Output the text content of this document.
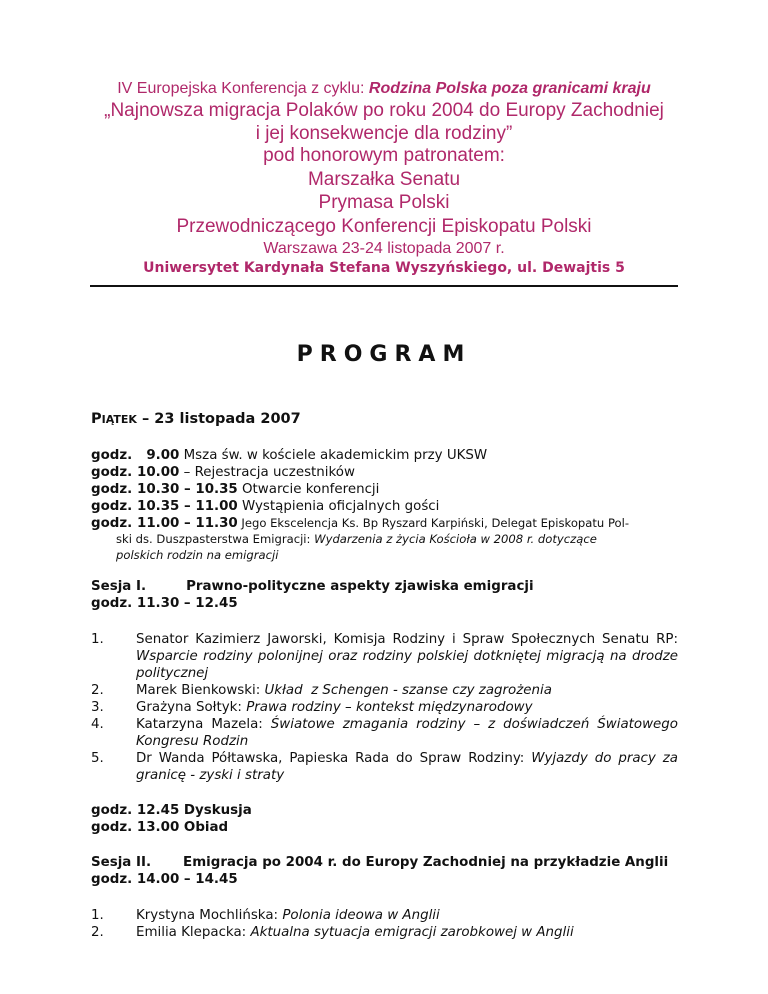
IV Europejska Konferencja z cyklu: Rodzina Polska poza granicami kraju
„Najnowsza migracja Polaków po roku 2004 do Europy Zachodniej
i jej konsekwencje dla rodziny”
pod honorowym patronatem:
Marszałka Senatu
Prymasa Polski
Przewodniczącego Konferencji Episkopatu Polski
Warszawa 23-24 listopada 2007 r.
Uniwersytet Kardynała Stefana Wyszyńskiego, ul. Dewajtis 5
PROGRAM
PIĄTEK – 23 listopada 2007
godz.  9.00 Msza św. w kościele akademickim przy UKSW
godz. 10.00 – Rejestracja uczestników
godz. 10.30 – 10.35 Otwarcie konferencji
godz. 10.35 – 11.00 Wystąpienia oficjalnych gości
godz. 11.00 – 11.30 Jego Ekscelencja Ks. Bp Ryszard Karpiński, Delegat Episkopatu Pol-
ski ds. Duszpasterstwa Emigracji: Wydarzenia z życia Kościoła w 2008 r. dotyczące
polskich rodzin na emigracji
Sesja I.	Prawno-polityczne aspekty zjawiska emigracji
godz. 11.30 – 12.45
1. Senator Kazimierz Jaworski, Komisja Rodziny i Spraw Społecznych Senatu RP: Wsparcie rodziny polonijnej oraz rodziny polskiej dotkniętej migracją na drodze politycznej
2. Marek Bienkowski: Układ  z Schengen - szanse czy zagrożenia
3. Grażyna Sołtyk: Prawa rodziny – kontekst międzynarodowy
4. Katarzyna Mazela: Światowe zmagania rodziny – z doświadczeń Światowego Kongresu Rodzin
5. Dr Wanda Półtawska, Papieska Rada do Spraw Rodziny: Wyjazdy do pracy za granicę - zyski i straty
godz. 12.45 Dyskusja
godz. 13.00 Obiad
Sesja II. Emigracja po 2004 r. do Europy Zachodniej na przykładzie Anglii
godz. 14.00 – 14.45
1. Krystyna Mochlińska: Polonia ideowa w Anglii
2. Emilia Klepacka: Aktualna sytuacja emigracji zarobkowej w Anglii
